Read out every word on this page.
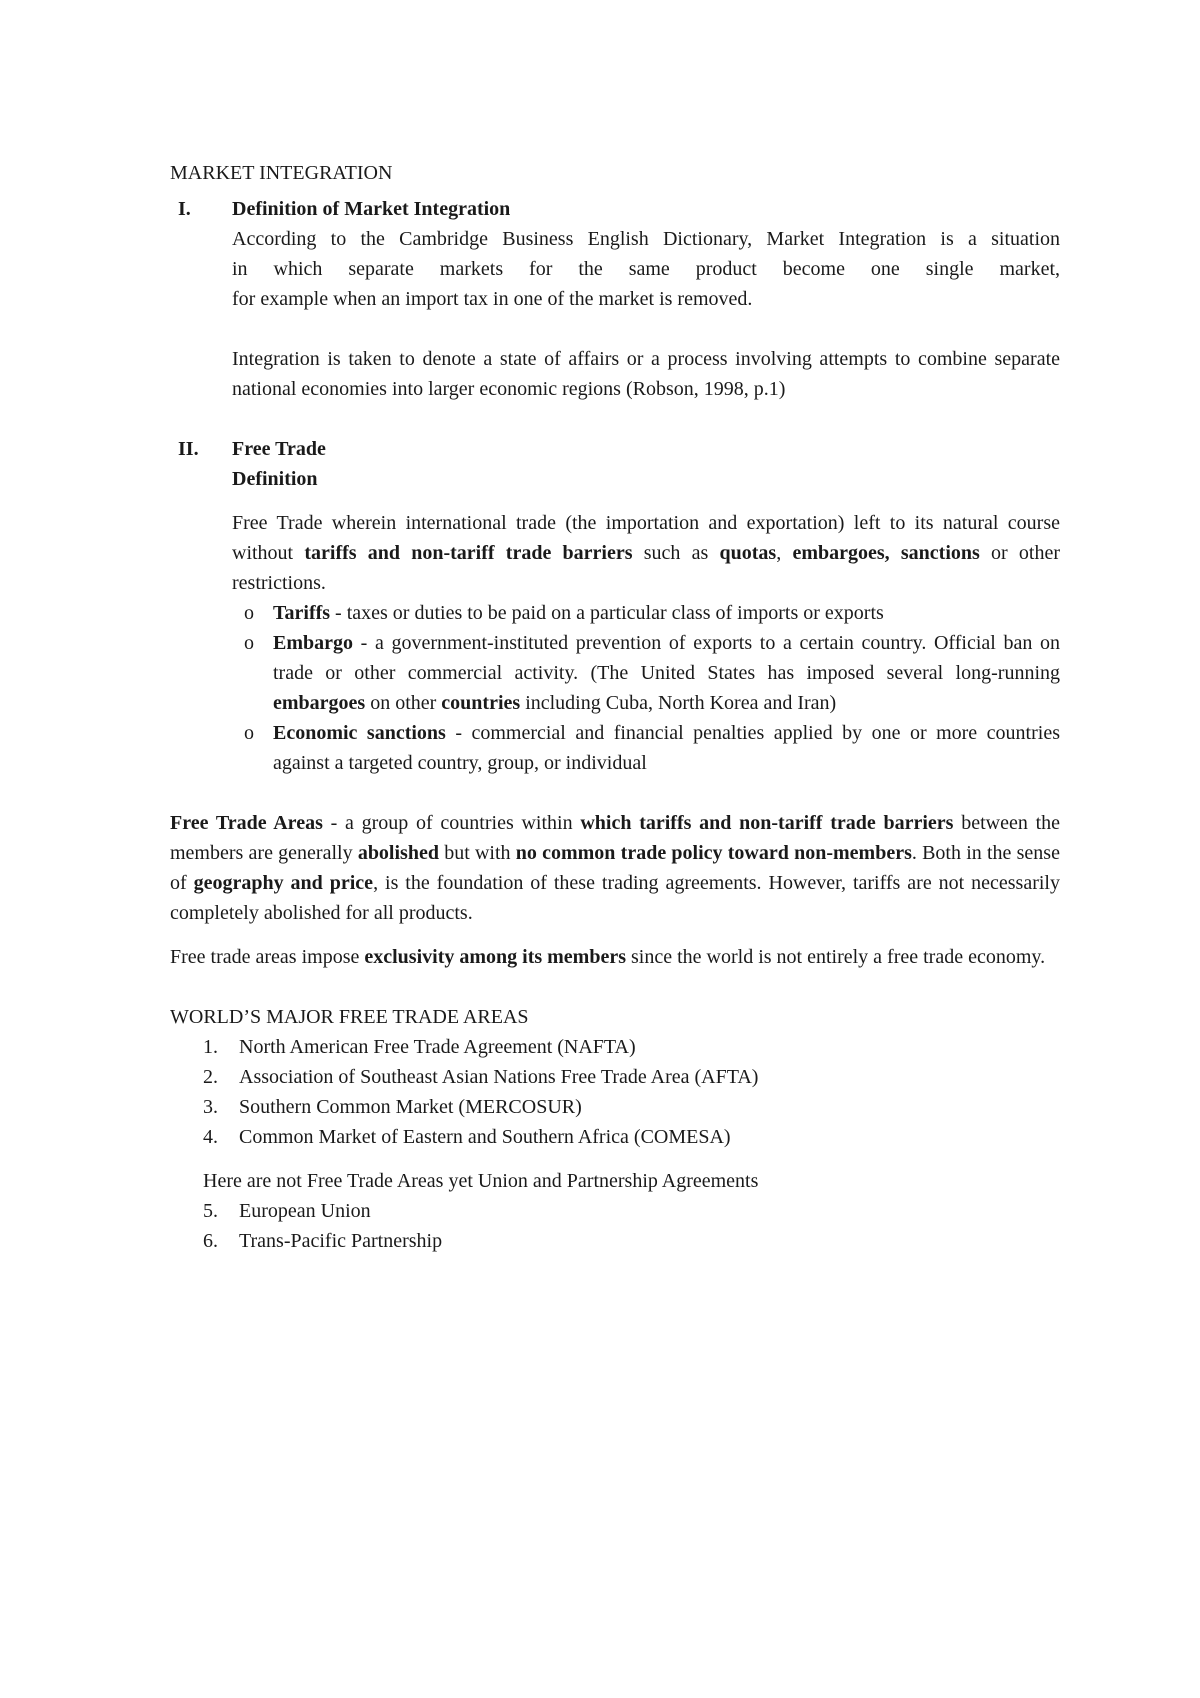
MARKET INTEGRATION
I. Definition of Market Integration

According to the Cambridge Business English Dictionary, Market Integration is a situation

in which separate markets for the same product become one single market,

for example when an import tax in one of the market is removed.

Integration is taken to denote a state of affairs or a process involving attempts to combine separate national economies into larger economic regions (Robson, 1998, p.1)

II. Free Trade
Definition

Free Trade wherein international trade (the importation and exportation) left to its natural course without tariffs and non-tariff trade barriers such as quotas, embargoes, sanctions or other restrictions.

o Tariffs - taxes or duties to be paid on a particular class of imports or exports
o Embargo - a government-instituted prevention of exports to a certain country. Official ban on trade or other commercial activity. (The United States has imposed several long-running embargoes on other countries including Cuba, North Korea and Iran)
o Economic sanctions - commercial and financial penalties applied by one or more countries against a targeted country, group, or individual

Free Trade Areas - a group of countries within which tariffs and non-tariff trade barriers between the members are generally abolished but with no common trade policy toward non-members. Both in the sense of geography and price, is the foundation of these trading agreements. However, tariffs are not necessarily completely abolished for all products.

Free trade areas impose exclusivity among its members since the world is not entirely a free trade economy.

WORLD’S MAJOR FREE TRADE AREAS

1. North American Free Trade Agreement (NAFTA)
2. Association of Southeast Asian Nations Free Trade Area (AFTA)
3. Southern Common Market (MERCOSUR)
4. Common Market of Eastern and Southern Africa (COMESA)

Here are not Free Trade Areas yet Union and Partnership Agreements

5. European Union
6. Trans-Pacific Partnership
